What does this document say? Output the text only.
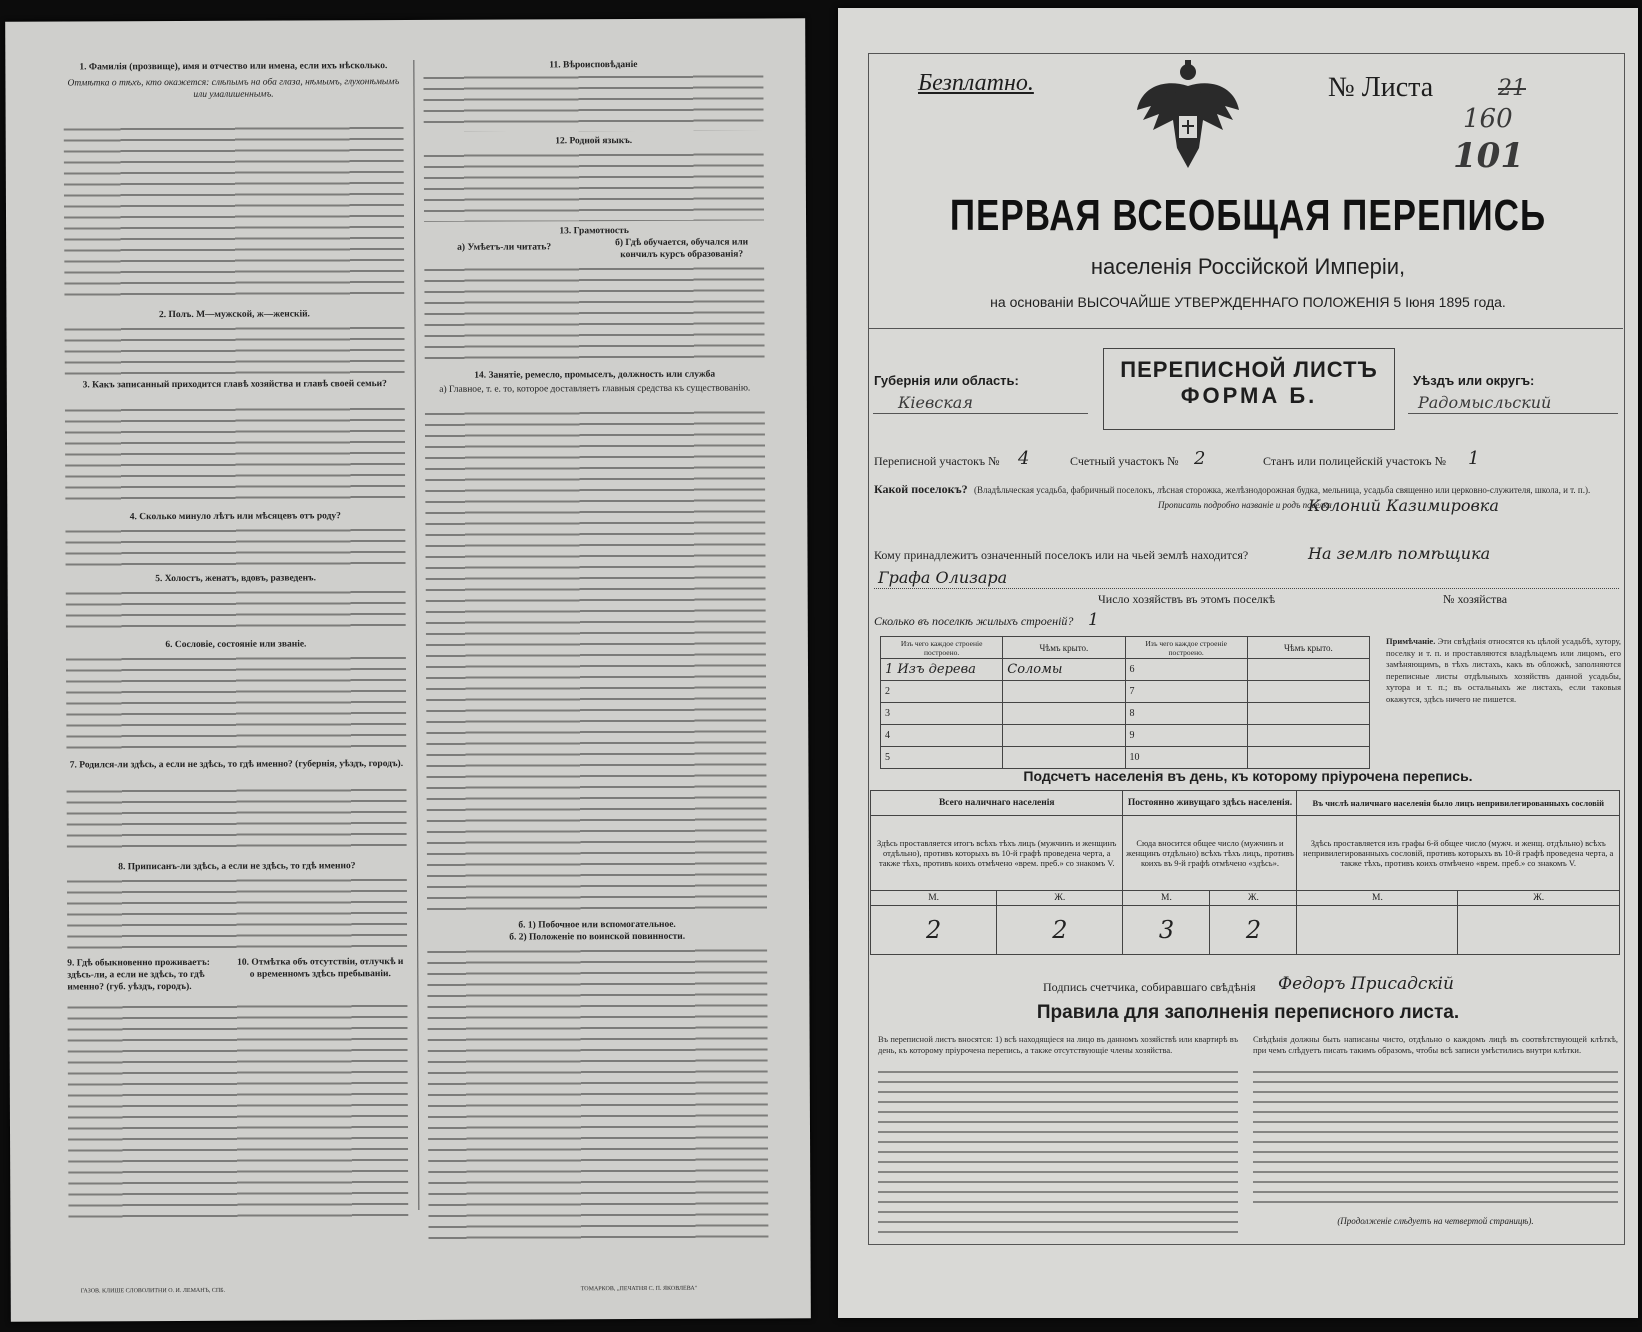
1. Фамилія (прозвище), имя и отчество или имена, если ихъ нѣсколько.
Отмѣтка о тѣхъ, кто окажется: слѣпымъ на оба глаза, нѣмымъ, глухонѣмымъ или умалишеннымъ.
2. Полъ. М—мужской, ж—женскій.
3. Какъ записанный приходится главѣ хозяйства и главѣ своей семьи?
4. Сколько минуло лѣтъ или мѣсяцевъ отъ роду?
5. Холостъ, женатъ, вдовъ, разведенъ.
6. Сословіе, состояніе или званіе.
7. Родился-ли здѣсь, а если не здѣсь, то гдѣ именно? (губернія, уѣздъ, городъ).
8. Приписанъ-ли здѣсь, а если не здѣсь, то гдѣ именно?
9. Гдѣ обыкновенно проживаетъ: здѣсь-ли, а если не здѣсь, то гдѣ именно? (губ. уѣздъ, городъ).
10. Отмѣтка объ отсутствіи, отлучкѣ и о временномъ здѣсь пребываніи.
11. Вѣроисповѣданіе
12. Родной языкъ.
13. Грамотность
а) Умѣетъ-ли читать?	б) Гдѣ обучается, обучался или кончилъ курсъ образованія?
14. Занятіе, ремесло, промыселъ, должность или служба
а) Главное, т. е. то, которое доставляетъ главныя средства къ существованію.
б. 1) Побочное или вспомогательное.
б. 2) Положеніе по воинской повинности.
ГАЗОВ. КЛИШЕ СЛОВОЛИТНИ О. И. ЛЕМАНЪ, СПБ.	ТОМАРКОВ, „ПЕЧАТНЯ С. П. ЯКОВЛЕВА"
Безплатно.	№ Листа	21
160
101
ПЕРВАЯ ВСЕОБЩАЯ ПЕРЕПИСЬ
населенія Россійской Имперіи,
на основаніи ВЫСОЧАЙШЕ УТВЕРЖДЕННАГО ПОЛОЖЕНІЯ 5 Іюня 1895 года.
Губернія или область:
Кіевская
ПЕРЕПИСНОЙ ЛИСТЪ
ФОРМА Б.
Уѣздъ или округъ:
Радомысльский
Переписной участокъ № 4	Счетный участокъ № 2	Станъ или полицейскій участокъ № 1
Какой поселокъ? (Владѣльческая усадьба, фабричный поселокъ, лѣсная сторожка, желѣзнодорожная будка, мельница, усадьба священно или церковно-служителя, школа, и т. п.).
Прописать подробно названіе и родъ поселка
Колоний Казимировка
Кому принадлежитъ означенный поселокъ или на чьей землѣ находится?	На землѣ помѣщика
Графа Олизара
Число хозяйствъ въ этомъ поселкѣ	№ хозяйства
Сколько въ поселкѣ жилыхъ строеній? 1
Изъ чего каждое строеніе построено.	Чѣмъ крыто.	Изъ чего каждое строеніе построено.	Чѣмъ крыто.
1 Изъ дерева	Соломы	6	
2		7	
3		8	
4		9	
5		10	
Примѣчаніе. Эти свѣдѣнія относятся къ цѣлой усадьбѣ, хутору, поселку и т. п. и проставляются владѣльцемъ или лицомъ, его замѣняющимъ, в тѣхъ листахъ, какъ въ обложкѣ, заполняются переписные листы отдѣльныхъ хозяйствъ данной усадьбы, хутора и т. п.; въ остальныхъ же листахъ, если таковыя окажутся, здѣсь ничего не пишется.
Подсчетъ населенія въ день, къ которому пріурочена перепись.
Всего наличнаго населенія		Постоянно живущаго здѣсь населенія.		Въ числѣ наличнаго населенія было лицъ непривилегированныхъ сословій	
Здѣсь проставляется итогъ всѣхъ тѣхъ лицъ (мужчинъ и женщинъ отдѣльно), противъ которыхъ въ 10-й графѣ проведена черта, а также тѣхъ, противъ коихъ отмѣчено «врем. преб.» со знакомъ V.		Сюда вносится общее число (мужчинъ и женщинъ отдѣльно) всѣхъ тѣхъ лицъ, противъ коихъ въ 9-й графѣ отмѣчено «здѣсь».		Здѣсь проставляется изъ графы 6-й общее число (мужч. и женщ. отдѣльно) всѣхъ непривилегированныхъ сословій, противъ которыхъ въ 10-й графѣ проведена черта, а также тѣхъ, противъ коихъ отмѣчено «врем. преб.» со знакомъ V.	
М.	Ж.	М.	Ж.	М.	Ж.
2	2	3	2		
Подпись счетчика, собиравшаго свѣдѣнія Федоръ Присадскій
Правила для заполненія переписного листа.
Въ переписной листъ вносятся: 1) всѣ находящіеся на лицо въ данномъ хозяйствѣ или квартирѣ въ день, къ которому пріурочена перепись, а также отсутствующіе члены хозяйства.
Свѣдѣнія должны быть написаны чисто, отдѣльно о каждомъ лицѣ въ соотвѣтствующей клѣткѣ, при чемъ слѣдуетъ писать такимъ образомъ, чтобы всѣ записи умѣстились внутри клѣтки.
(Продолженіе слѣдуетъ на четвертой страницѣ).
